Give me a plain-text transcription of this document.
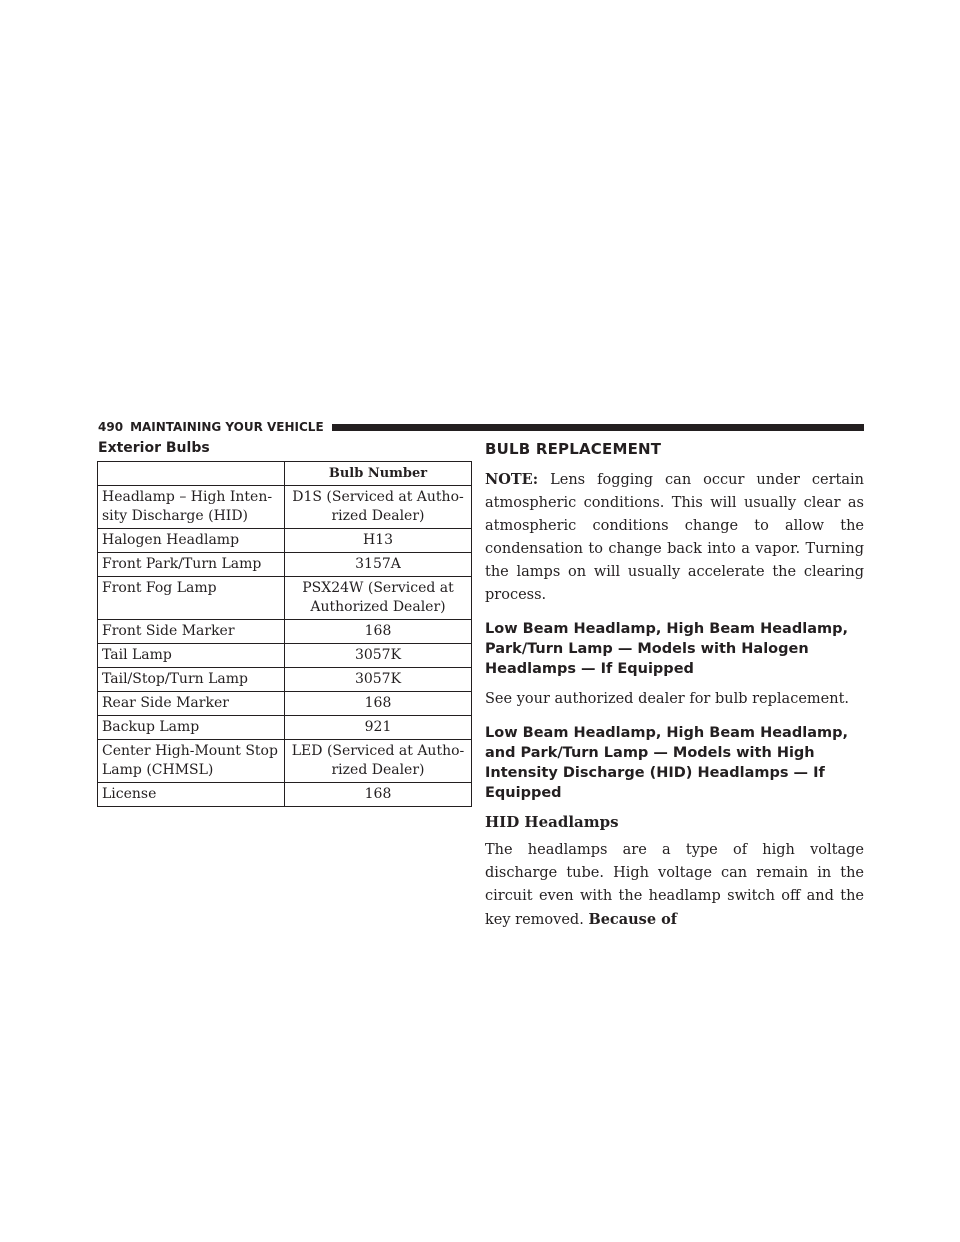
490 MAINTAINING YOUR VEHICLE
Exterior Bulbs
	Bulb Number
Headlamp – High Inten-
sity Discharge (HID)	D1S (Serviced at Autho-
rized Dealer)
Halogen Headlamp	H13
Front Park/Turn Lamp	3157A
Front Fog Lamp	PSX24W (Serviced at
Authorized Dealer)
Front Side Marker	168
Tail Lamp	3057K
Tail/Stop/Turn Lamp	3057K
Rear Side Marker	168
Backup Lamp	921
Center High-Mount Stop
Lamp (CHMSL)	LED (Serviced at Autho-
rized Dealer)
License	168
BULB REPLACEMENT

NOTE: Lens fogging can occur under certain atmospheric conditions. This will usually clear as atmospheric conditions change to allow the condensation to change back into a vapor. Turning the lamps on will usually accelerate the clearing process.

Low Beam Headlamp, High Beam Headlamp, Park/Turn Lamp — Models with Halogen Headlamps — If Equipped

See your authorized dealer for bulb replacement.

Low Beam Headlamp, High Beam Headlamp, and Park/Turn Lamp — Models with High Intensity Discharge (HID) Headlamps — If Equipped
HID Headlamps

The headlamps are a type of high voltage discharge tube. High voltage can remain in the circuit even with the headlamp switch off and the key removed. Because of
